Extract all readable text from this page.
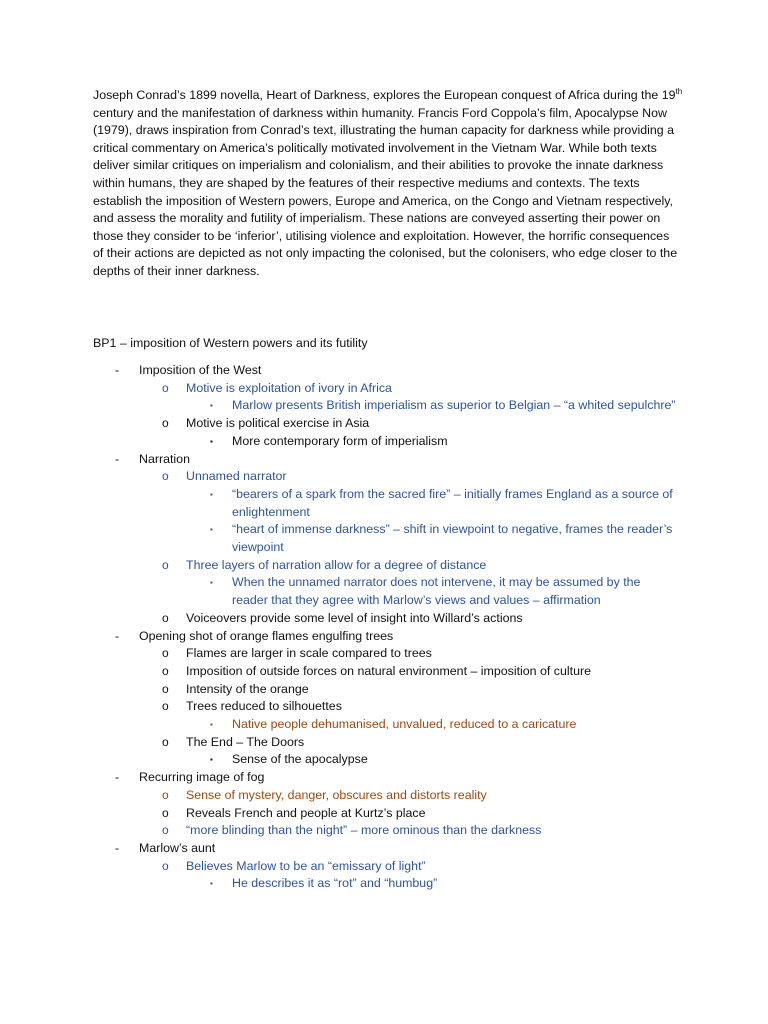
Joseph Conrad’s 1899 novella, Heart of Darkness, explores the European conquest of Africa during the 19th century and the manifestation of darkness within humanity. Francis Ford Coppola’s film, Apocalypse Now (1979), draws inspiration from Conrad’s text, illustrating the human capacity for darkness while providing a critical commentary on America’s politically motivated involvement in the Vietnam War. While both texts deliver similar critiques on imperialism and colonialism, and their abilities to provoke the innate darkness within humans, they are shaped by the features of their respective mediums and contexts. The texts establish the imposition of Western powers, Europe and America, on the Congo and Vietnam respectively, and assess the morality and futility of imperialism. These nations are conveyed asserting their power on those they consider to be ‘inferior’, utilising violence and exploitation. However, the horrific consequences of their actions are depicted as not only impacting the colonised, but the colonisers, who edge closer to the depths of their inner darkness.

BP1 – imposition of Western powers and its futility

- Imposition of the West
o Motive is exploitation of ivory in Africa
▪ Marlow presents British imperialism as superior to Belgian – “a whited sepulchre”
o Motive is political exercise in Asia
▪ More contemporary form of imperialism
- Narration
o Unnamed narrator
▪ “bearers of a spark from the sacred fire” – initially frames England as a source of enlightenment
▪ “heart of immense darkness” – shift in viewpoint to negative, frames the reader’s viewpoint
o Three layers of narration allow for a degree of distance
▪ When the unnamed narrator does not intervene, it may be assumed by the reader that they agree with Marlow’s views and values – affirmation
o Voiceovers provide some level of insight into Willard’s actions
- Opening shot of orange flames engulfing trees
o Flames are larger in scale compared to trees
o Imposition of outside forces on natural environment – imposition of culture
o Intensity of the orange
o Trees reduced to silhouettes
▪ Native people dehumanised, unvalued, reduced to a caricature
o The End – The Doors
▪ Sense of the apocalypse
- Recurring image of fog
o Sense of mystery, danger, obscures and distorts reality
o Reveals French and people at Kurtz’s place
o “more blinding than the night” – more ominous than the darkness
- Marlow’s aunt
o Believes Marlow to be an “emissary of light”
▪ He describes it as “rot” and “humbug”
